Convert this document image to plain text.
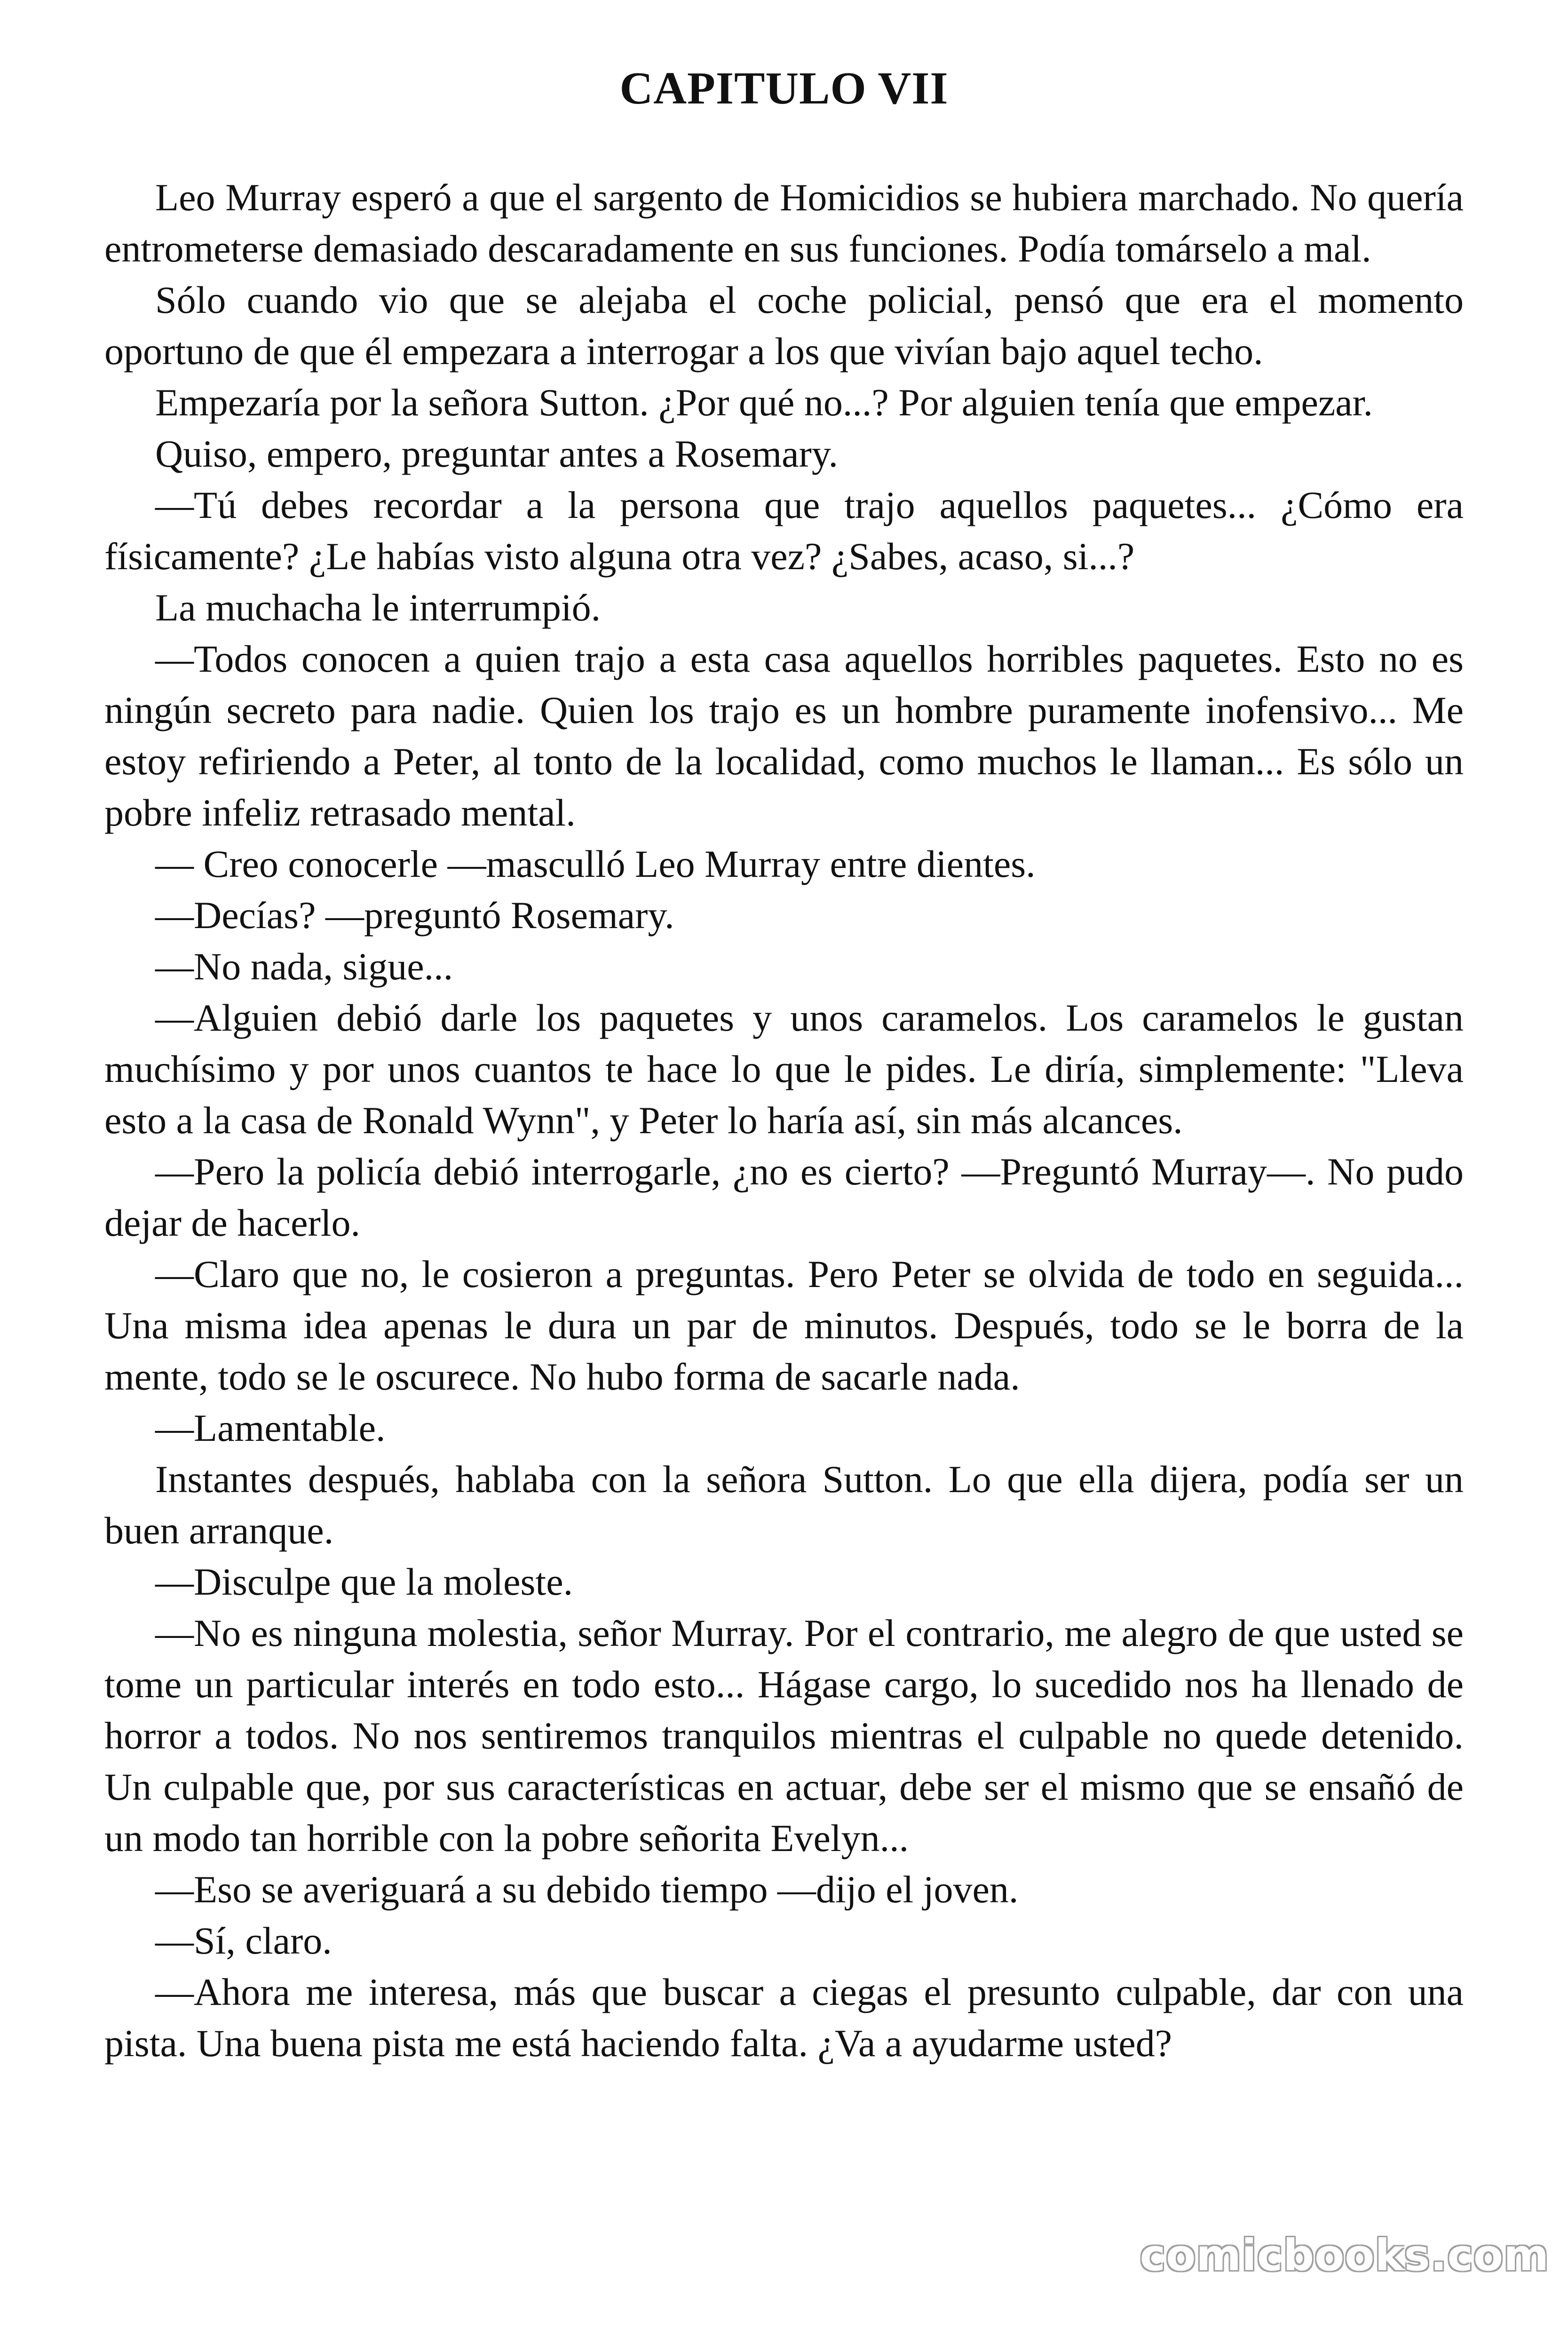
CAPITULO VII

Leo Murray esperó a que el sargento de Homicidios se hubiera marchado. No quería entrometerse demasiado descaradamente en sus funciones. Podía tomárselo a mal.

Sólo cuando vio que se alejaba el coche policial, pensó que era el momento oportuno de que él empezara a interrogar a los que vivían bajo aquel techo.

Empezaría por la señora Sutton. ¿Por qué no...? Por alguien tenía que empezar.

Quiso, empero, preguntar antes a Rosemary.

—Tú debes recordar a la persona que trajo aquellos paquetes... ¿Cómo era físicamente? ¿Le habías visto alguna otra vez? ¿Sabes, acaso, si...?

La muchacha le interrumpió.

—Todos conocen a quien trajo a esta casa aquellos horribles paquetes. Esto no es ningún secreto para nadie. Quien los trajo es un hombre puramente inofensivo... Me estoy refiriendo a Peter, al tonto de la localidad, como muchos le llaman... Es sólo un pobre infeliz retrasado mental.

— Creo conocerle —masculló Leo Murray entre dientes.

—Decías? —preguntó Rosemary.

—No nada, sigue...

—Alguien debió darle los paquetes y unos caramelos. Los caramelos le gustan muchísimo y por unos cuantos te hace lo que le pides. Le diría, simplemente: "Lleva esto a la casa de Ronald Wynn", y Peter lo haría así, sin más alcances.

—Pero la policía debió interrogarle, ¿no es cierto? —Preguntó Murray—. No pudo dejar de hacerlo.

—Claro que no, le cosieron a preguntas. Pero Peter se olvida de todo en seguida... Una misma idea apenas le dura un par de minutos. Después, todo se le borra de la mente, todo se le oscurece. No hubo forma de sacarle nada.

—Lamentable.

Instantes después, hablaba con la señora Sutton. Lo que ella dijera, podía ser un buen arranque.

—Disculpe que la moleste.

—No es ninguna molestia, señor Murray. Por el contrario, me alegro de que usted se tome un particular interés en todo esto... Hágase cargo, lo sucedido nos ha llenado de horror a todos. No nos sentiremos tranquilos mientras el culpable no quede detenido. Un culpable que, por sus características en actuar, debe ser el mismo que se ensañó de un modo tan horrible con la pobre señorita Evelyn...

—Eso se averiguará a su debido tiempo —dijo el joven.

—Sí, claro.

—Ahora me interesa, más que buscar a ciegas el presunto culpable, dar con una pista. Una buena pista me está haciendo falta. ¿Va a ayudarme usted?

comicbooks.com
